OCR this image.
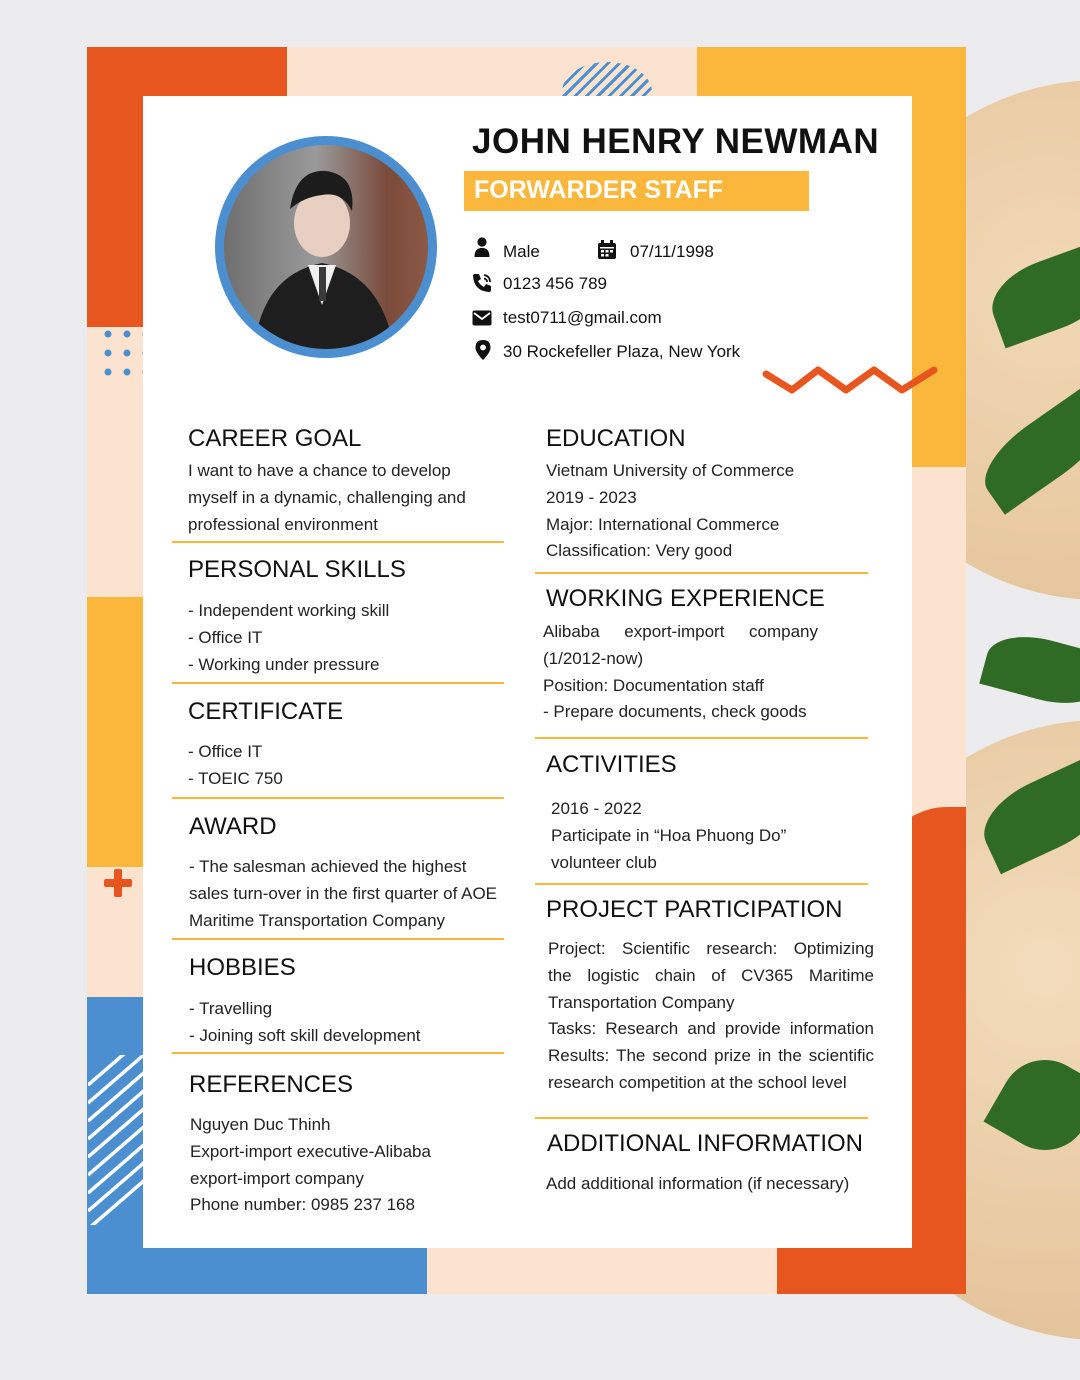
JOHN HENRY NEWMAN
FORWARDER STAFF
Male	07/11/1998
0123 456 789
test0711@gmail.com
30 Rockefeller Plaza, New York
CAREER GOAL
I want to have a chance to develop
myself in a dynamic, challenging and
professional environment
PERSONAL SKILLS
- Independent working skill
- Office IT
- Working under pressure
CERTIFICATE
- Office IT
- TOEIC 750
AWARD
- The salesman achieved the highest
sales turn-over in the first quarter of AOE
Maritime Transportation Company
HOBBIES
- Travelling
- Joining soft skill development
REFERENCES
Nguyen Duc Thinh
Export-import executive-Alibaba
export-import company
Phone number: 0985 237 168
EDUCATION
Vietnam University of Commerce
2019 - 2023
Major: International Commerce
Classification: Very good
WORKING EXPERIENCE
Alibaba export-import company
(1/2012-now)
Position: Documentation staff
- Prepare documents, check goods
ACTIVITIES
2016 - 2022
Participate in “Hoa Phuong Do”
volunteer club
PROJECT PARTICIPATION
Project: Scientific research: Optimizing
the logistic chain of CV365 Maritime
Transportation Company
Tasks: Research and provide information
Results: The second prize in the scientific
research competition at the school level
ADDITIONAL INFORMATION
Add additional information (if necessary)
